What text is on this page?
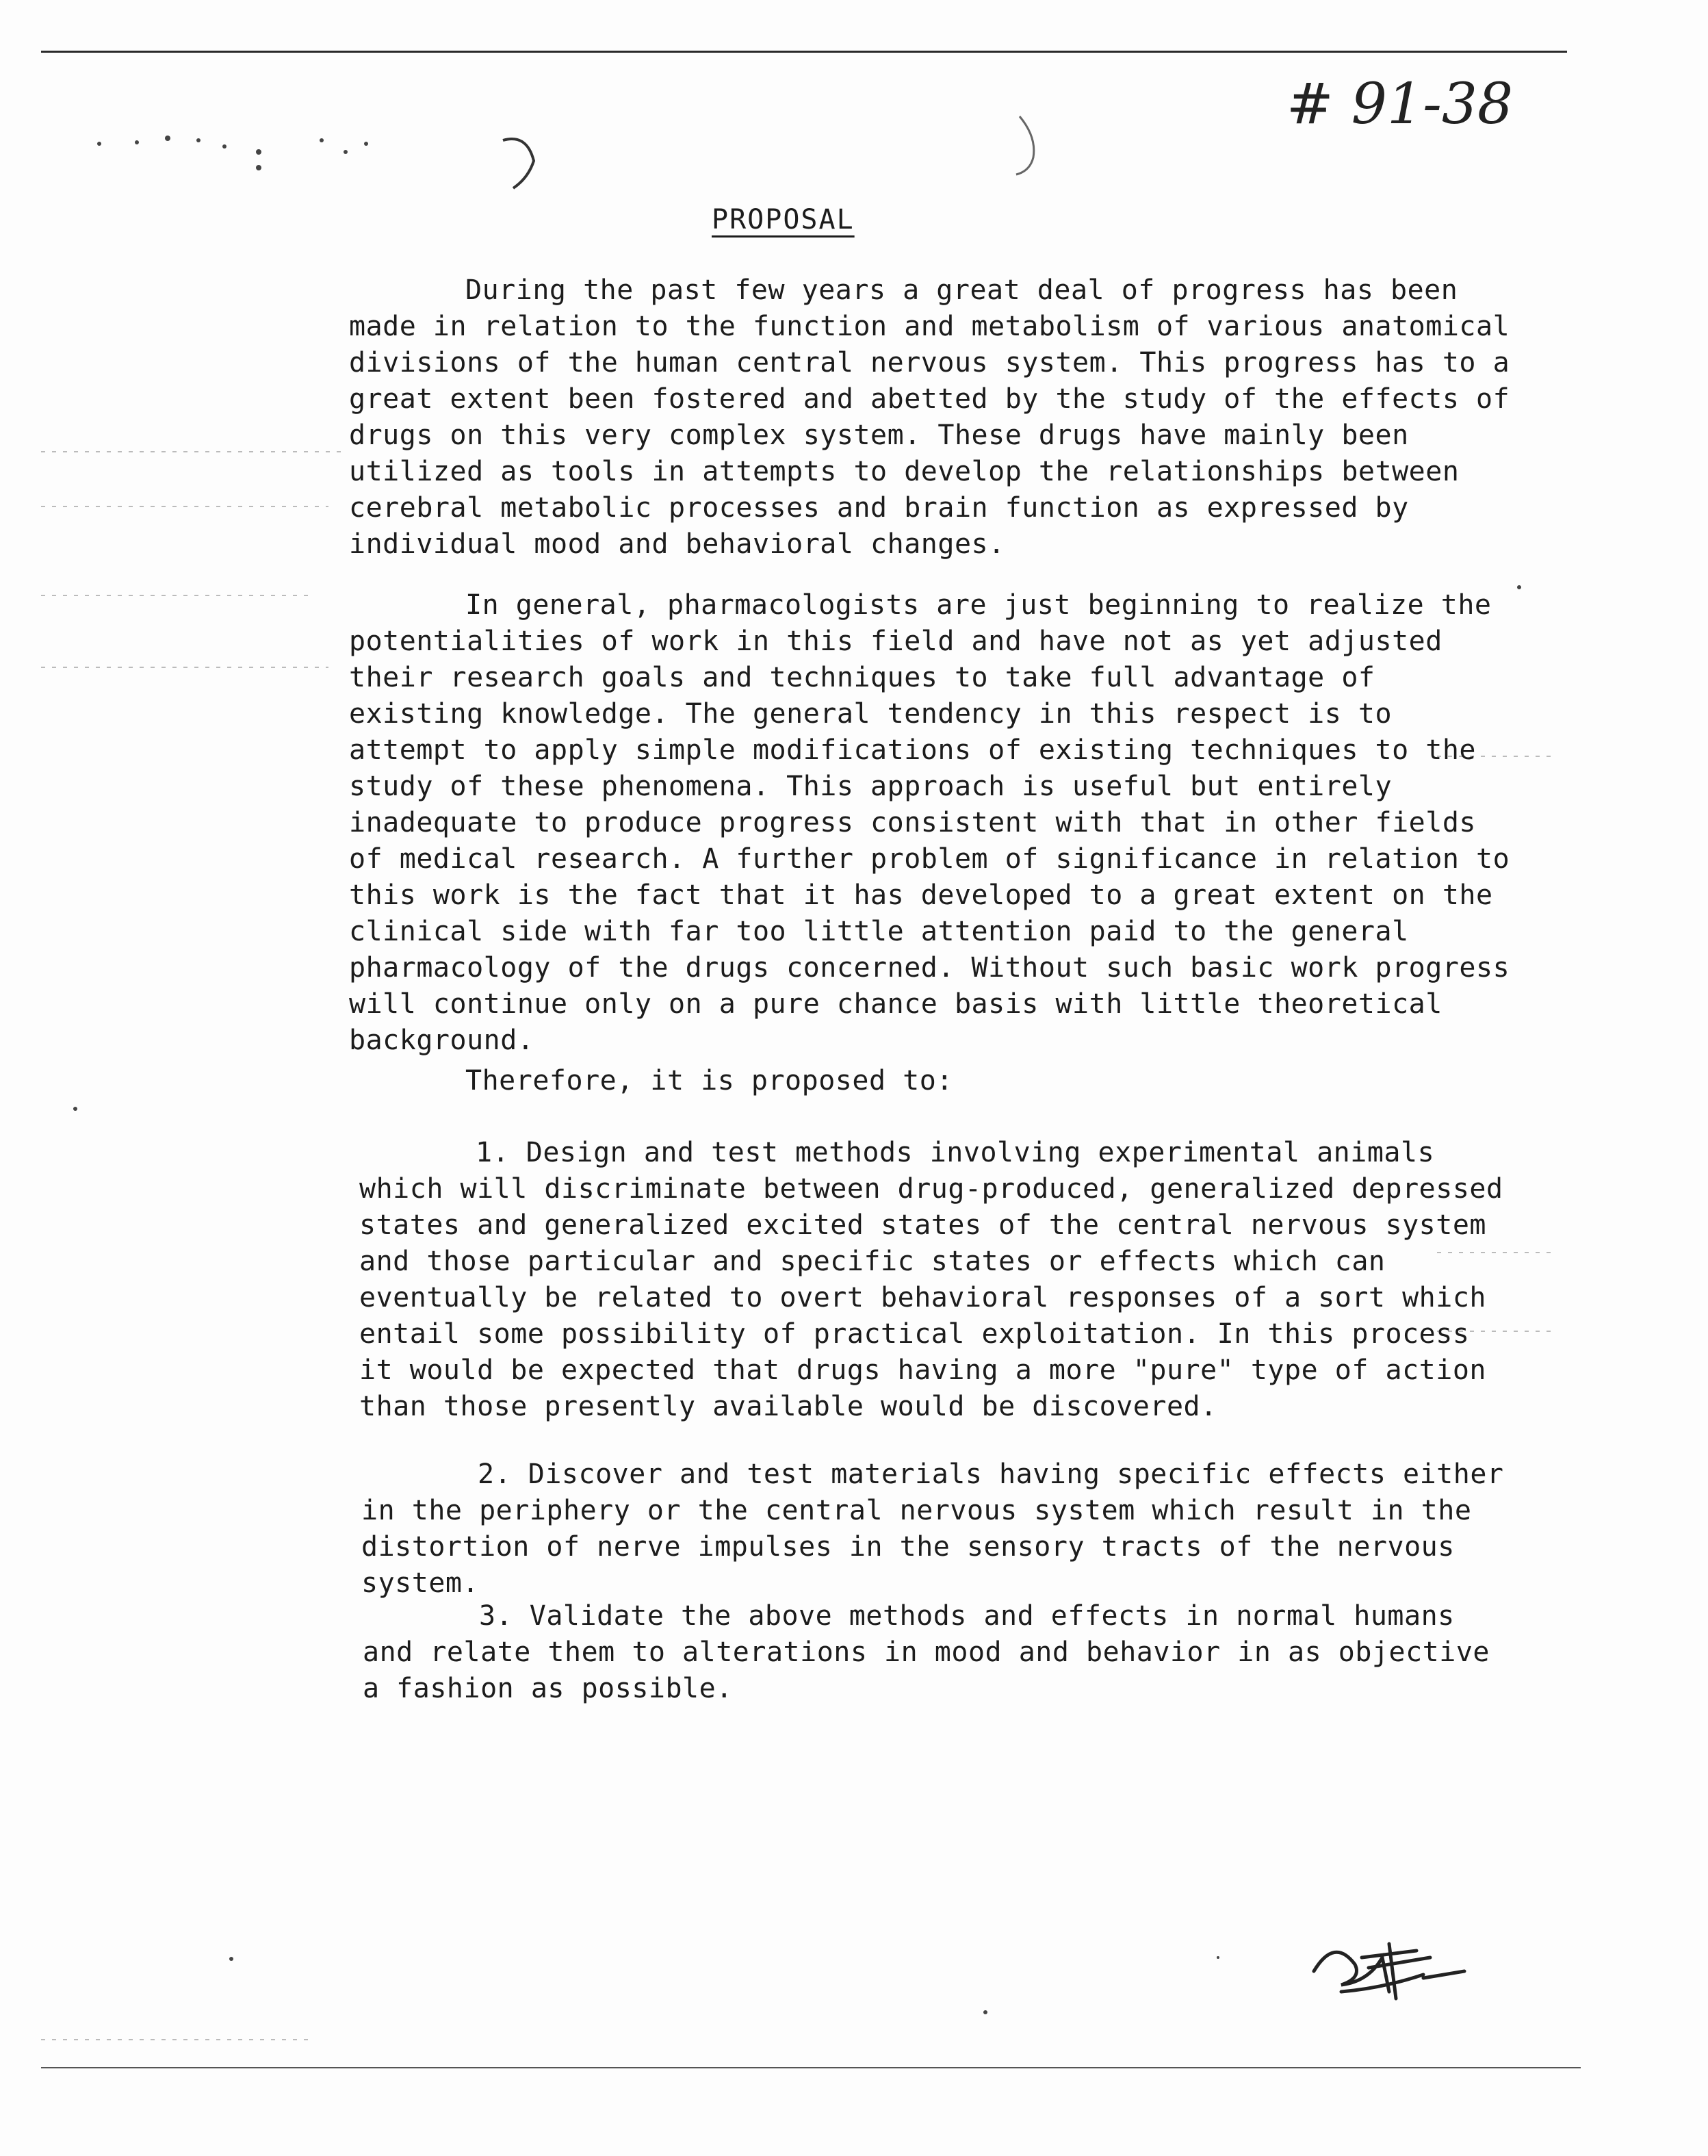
# 91-38
PROPOSAL

During the past few years a great deal of progress has been made in relation to the function and metabolism of various anatomical divisions of the human central nervous system. This progress has to a great extent been fostered and abetted by the study of the effects of drugs on this very complex system. These drugs have mainly been utilized as tools in attempts to develop the relationships between cerebral metabolic processes and brain function as expressed by individual mood and behavioral changes.

In general, pharmacologists are just beginning to realize the potentialities of work in this field and have not as yet adjusted their research goals and techniques to take full advantage of existing knowledge. The general tendency in this respect is to attempt to apply simple modifications of existing techniques to the study of these phenomena. This approach is useful but entirely inadequate to produce progress consistent with that in other fields of medical research. A further problem of significance in relation to this work is the fact that it has developed to a great extent on the clinical side with far too little attention paid to the general pharmacology of the drugs concerned. Without such basic work progress will continue only on a pure chance basis with little theoretical background.

Therefore, it is proposed to:

1. Design and test methods involving experimental animals which will discriminate between drug-produced, generalized depressed states and generalized excited states of the central nervous system and those particular and specific states or effects which can eventually be related to overt behavioral responses of a sort which entail some possibility of practical exploitation. In this process it would be expected that drugs having a more "pure" type of action than those presently available would be discovered.

2. Discover and test materials having specific effects either in the periphery or the central nervous system which result in the distortion of nerve impulses in the sensory tracts of the nervous system.

3. Validate the above methods and effects in normal humans and relate them to alterations in mood and behavior in as objective a fashion as possible.
